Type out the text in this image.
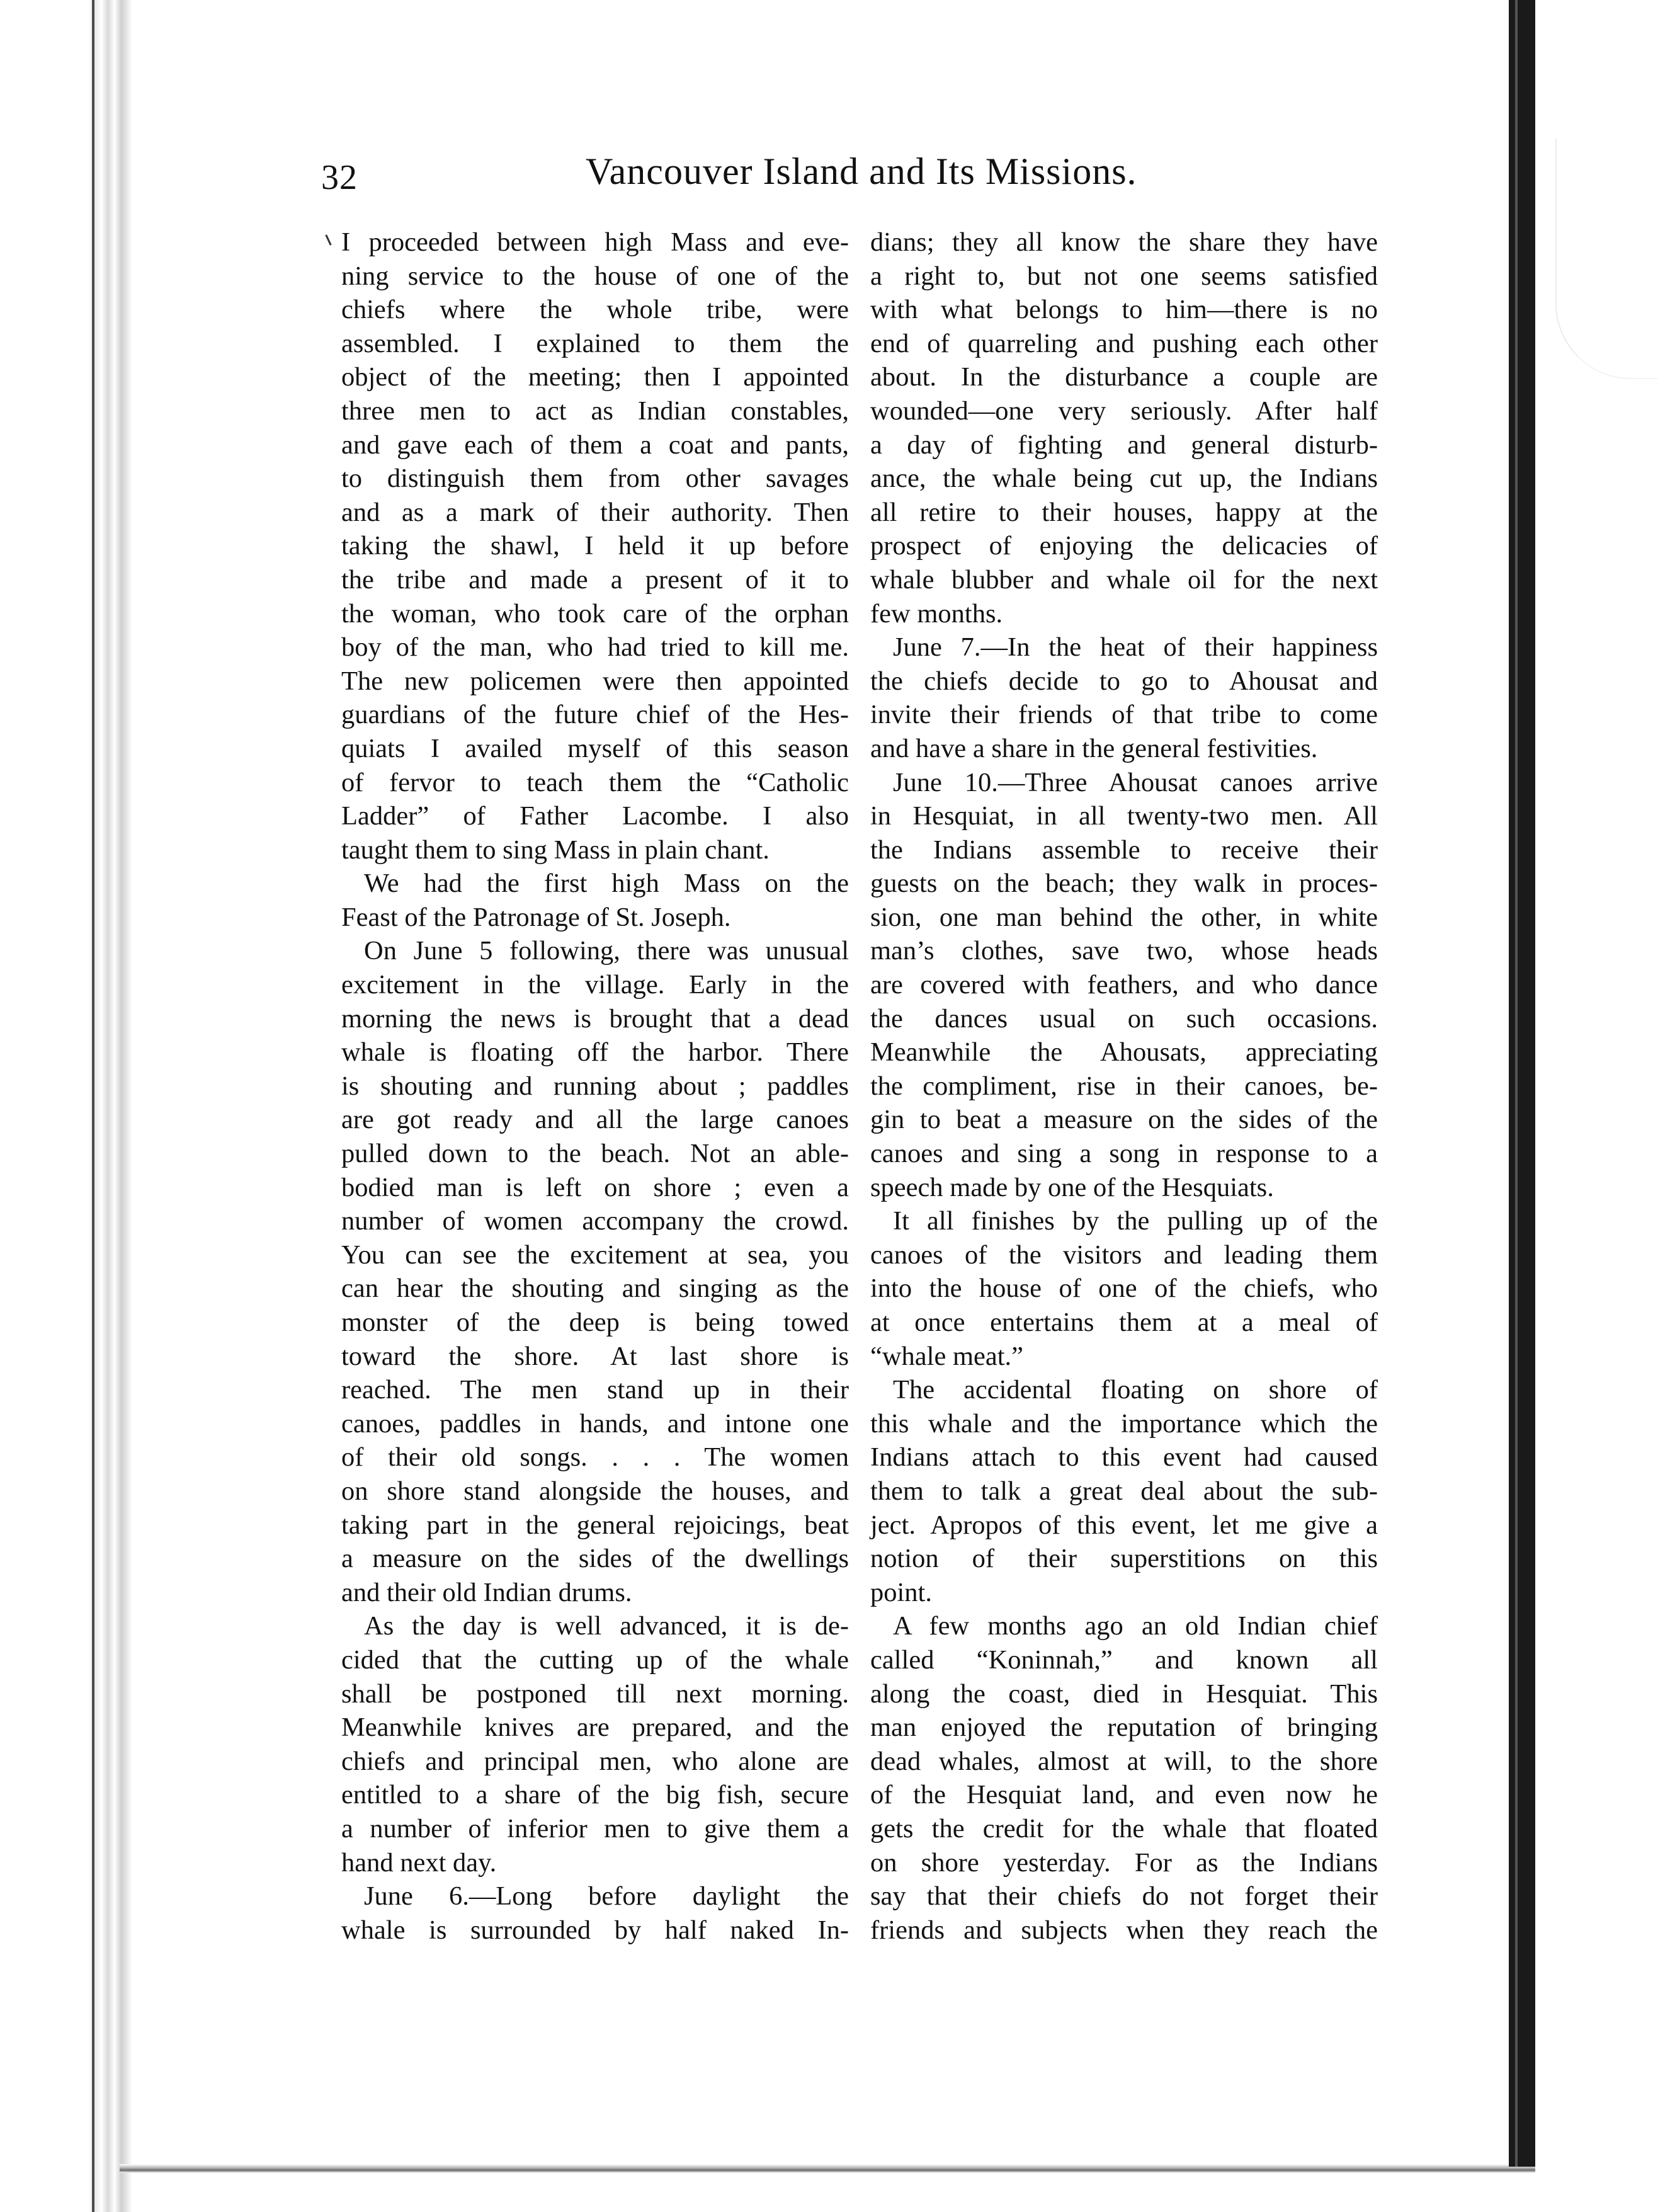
32	Vancouver Island and Its Missions.
I proceeded between high Mass and eve-
ning service to the house of one of the
chiefs where the whole tribe, were
assembled. I explained to them the
object of the meeting; then I appointed
three men to act as Indian constables,
and gave each of them a coat and pants,
to distinguish them from other savages
and as a mark of their authority. Then
taking the shawl, I held it up before
the tribe and made a present of it to
the woman, who took care of the orphan
boy of the man, who had tried to kill me.
The new policemen were then appointed
guardians of the future chief of the Hes-
quiats I availed myself of this season
of fervor to teach them the “Catholic
Ladder” of Father Lacombe. I also
taught them to sing Mass in plain chant.
We had the first high Mass on the
Feast of the Patronage of St. Joseph.
On June 5 following, there was unusual
excitement in the village. Early in the
morning the news is brought that a dead
whale is floating off the harbor. There
is shouting and running about ; paddles
are got ready and all the large canoes
pulled down to the beach. Not an able-
bodied man is left on shore ; even a
number of women accompany the crowd.
You can see the excitement at sea, you
can hear the shouting and singing as the
monster of the deep is being towed
toward the shore. At last shore is
reached. The men stand up in their
canoes, paddles in hands, and intone one
of their old songs. . . . The women
on shore stand alongside the houses, and
taking part in the general rejoicings, beat
a measure on the sides of the dwellings
and their old Indian drums.
As the day is well advanced, it is de-
cided that the cutting up of the whale
shall be postponed till next morning.
Meanwhile knives are prepared, and the
chiefs and principal men, who alone are
entitled to a share of the big fish, secure
a number of inferior men to give them a
hand next day.
June 6.—Long before daylight the
whale is surrounded by half naked In-
dians; they all know the share they have
a right to, but not one seems satisfied
with what belongs to him—there is no
end of quarreling and pushing each other
about. In the disturbance a couple are
wounded—one very seriously. After half
a day of fighting and general disturb-
ance, the whale being cut up, the Indians
all retire to their houses, happy at the
prospect of enjoying the delicacies of
whale blubber and whale oil for the next
few months.
June 7.—In the heat of their happiness
the chiefs decide to go to Ahousat and
invite their friends of that tribe to come
and have a share in the general festivities.
June 10.—Three Ahousat canoes arrive
in Hesquiat, in all twenty-two men. All
the Indians assemble to receive their
guests on the beach; they walk in proces-
sion, one man behind the other, in white
man’s clothes, save two, whose heads
are covered with feathers, and who dance
the dances usual on such occasions.
Meanwhile the Ahousats, appreciating
the compliment, rise in their canoes, be-
gin to beat a measure on the sides of the
canoes and sing a song in response to a
speech made by one of the Hesquiats.
It all finishes by the pulling up of the
canoes of the visitors and leading them
into the house of one of the chiefs, who
at once entertains them at a meal of
“whale meat.”
The accidental floating on shore of
this whale and the importance which the
Indians attach to this event had caused
them to talk a great deal about the sub-
ject. Apropos of this event, let me give a
notion of their superstitions on this
point.
A few months ago an old Indian chief
called “Koninnah,” and known all
along the coast, died in Hesquiat. This
man enjoyed the reputation of bringing
dead whales, almost at will, to the shore
of the Hesquiat land, and even now he
gets the credit for the whale that floated
on shore yesterday. For as the Indians
say that their chiefs do not forget their
friends and subjects when they reach the
